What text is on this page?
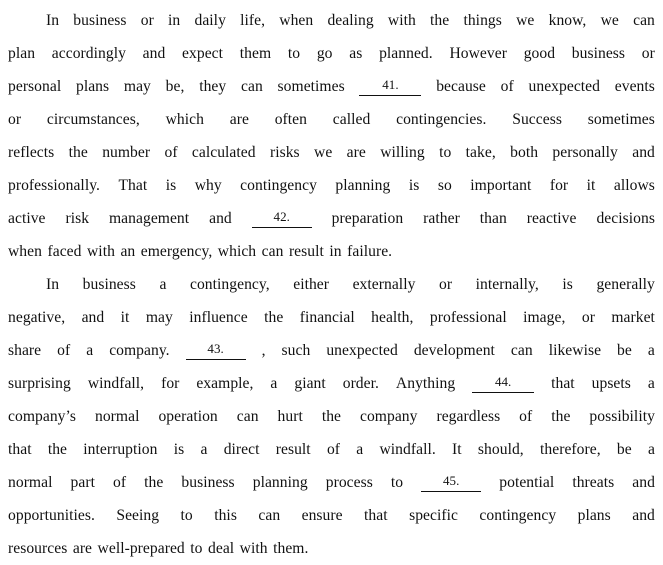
In business or in daily life, when dealing with the things we know, we can
plan accordingly and expect them to go as planned. However good business or
personal plans may be, they can sometimes	41.	because of unexpected events
or circumstances, which are often called contingencies. Success sometimes
reflects the number of calculated risks we are willing to take, both personally and
professionally. That is why contingency planning is so important for it allows
active risk management and	42.	preparation rather than reactive decisions
when faced with an emergency, which can result in failure.
In business a contingency, either externally or internally, is generally
negative, and it may influence the financial health, professional image, or market
share of a company.	43.	, such unexpected development can likewise be a
surprising windfall, for example, a giant order. Anything	44.	that upsets a
company’s normal operation can hurt the company regardless of the possibility
that the interruption is a direct result of a windfall. It should, therefore, be a
normal part of the business planning process to	45.	potential threats and
opportunities. Seeing to this can ensure that specific contingency plans and
resources are well-prepared to deal with them.
